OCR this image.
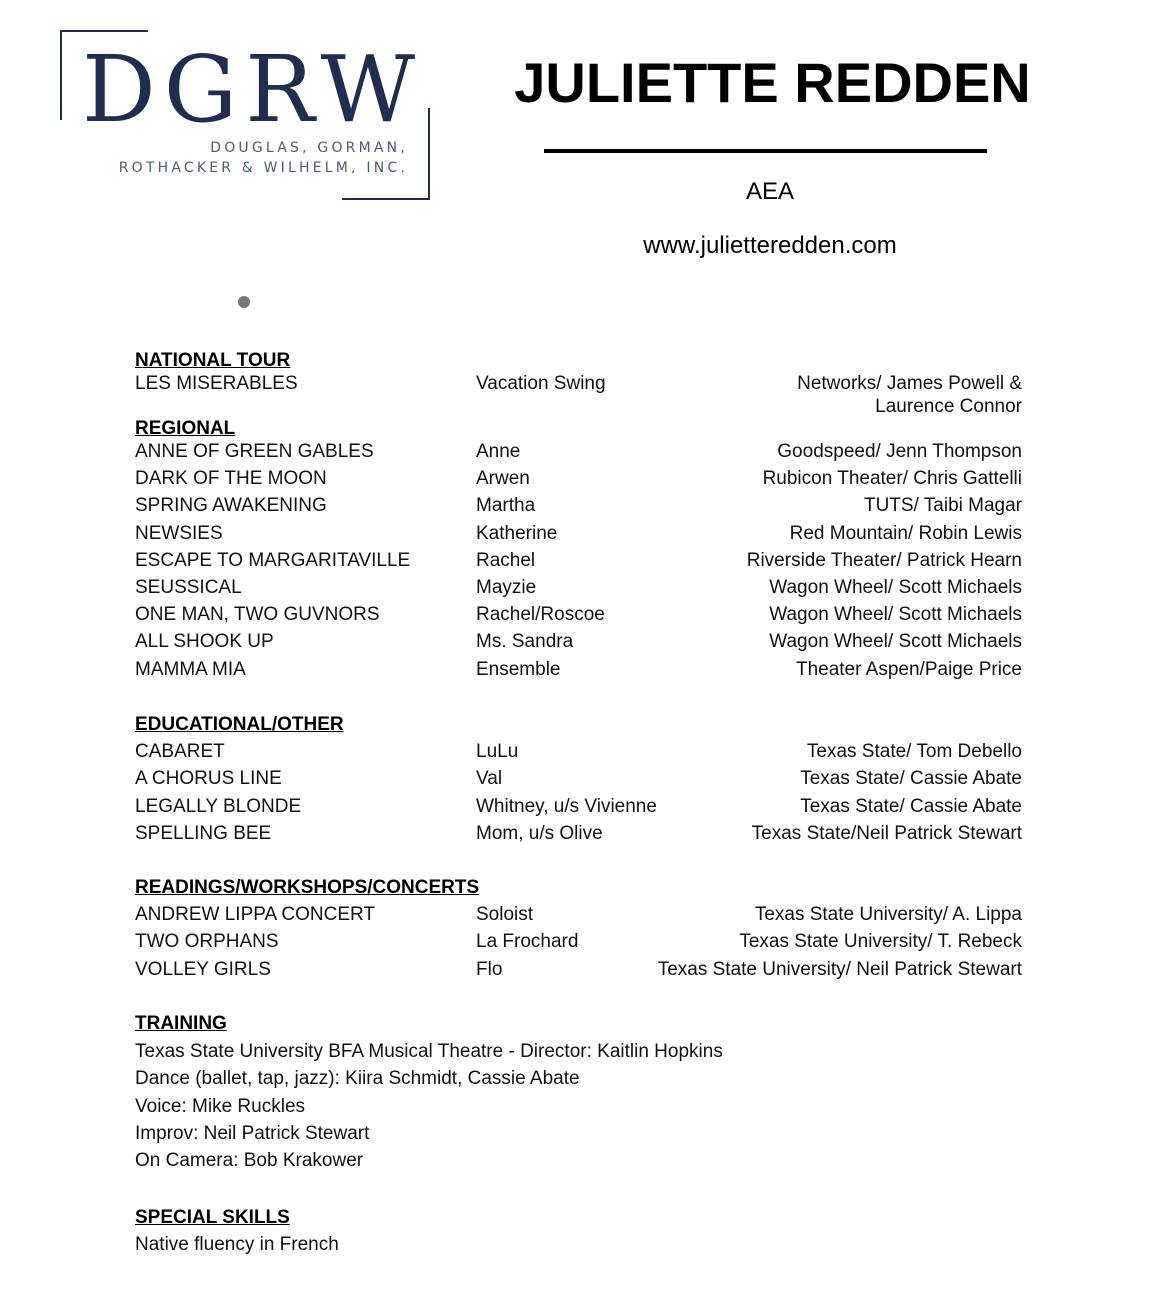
DGRW
DOUGLAS, GORMAN,
ROTHACKER & WILHELM, INC.
JULIETTE REDDEN
AEA
www.julietteredden.com
NATIONAL TOUR
LES MISERABLES	Vacation Swing	Networks/ James Powell &
Laurence Connor
REGIONAL
ANNE OF GREEN GABLES	Anne	Goodspeed/ Jenn Thompson
DARK OF THE MOON	Arwen	Rubicon Theater/ Chris Gattelli
SPRING AWAKENING	Martha	TUTS/ Taibi Magar
NEWSIES	Katherine	Red Mountain/ Robin Lewis
ESCAPE TO MARGARITAVILLE	Rachel	Riverside Theater/ Patrick Hearn
SEUSSICAL	Mayzie	Wagon Wheel/ Scott Michaels
ONE MAN, TWO GUVNORS	Rachel/Roscoe	Wagon Wheel/ Scott Michaels
ALL SHOOK UP	Ms. Sandra	Wagon Wheel/ Scott Michaels
MAMMA MIA	Ensemble	Theater Aspen/Paige Price
EDUCATIONAL/OTHER
CABARET	LuLu	Texas State/ Tom Debello
A CHORUS LINE	Val	Texas State/ Cassie Abate
LEGALLY BLONDE	Whitney, u/s Vivienne	Texas State/ Cassie Abate
SPELLING BEE	Mom, u/s Olive	Texas State/Neil Patrick Stewart
READINGS/WORKSHOPS/CONCERTS
ANDREW LIPPA CONCERT	Soloist	Texas State University/ A. Lippa
TWO ORPHANS	La Frochard	Texas State University/ T. Rebeck
VOLLEY GIRLS	Flo	Texas State University/ Neil Patrick Stewart
TRAINING
Texas State University BFA Musical Theatre - Director: Kaitlin Hopkins
Dance (ballet, tap, jazz): Kiira Schmidt, Cassie Abate
Voice: Mike Ruckles
Improv: Neil Patrick Stewart
On Camera: Bob Krakower
SPECIAL SKILLS
Native fluency in French
